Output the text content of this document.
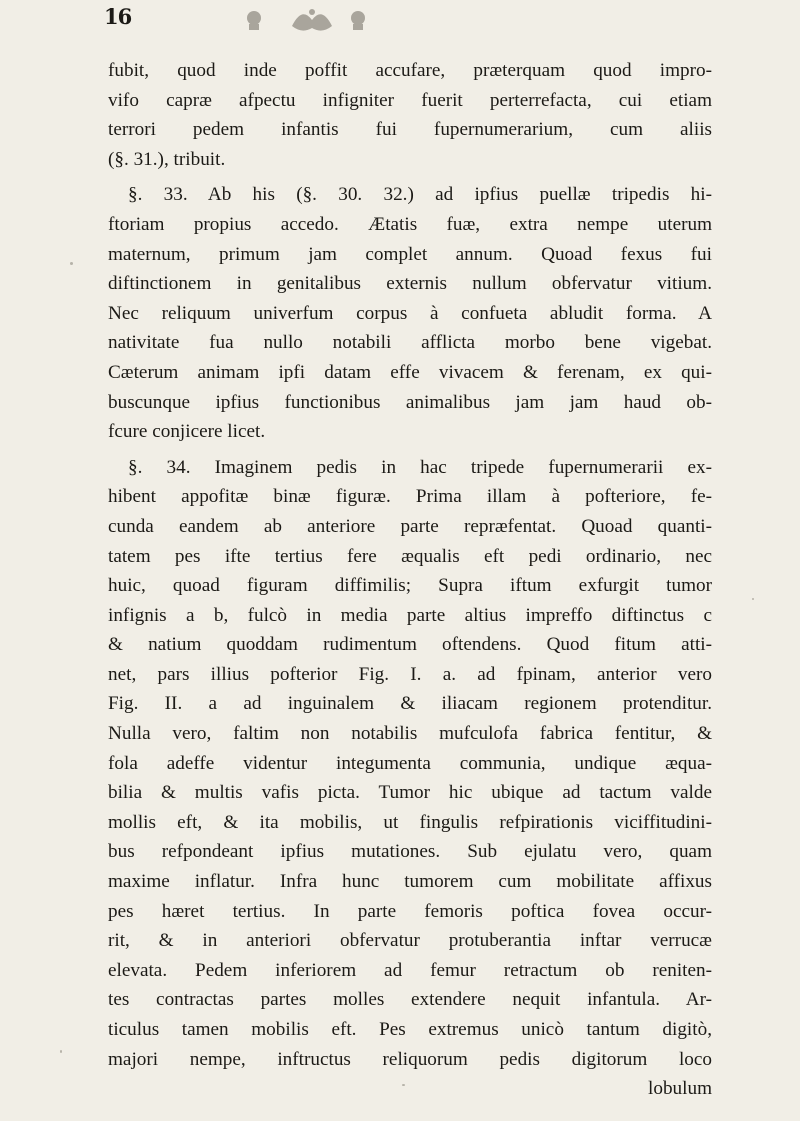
16
fubit, quod inde poffit accufare, prӕterquam quod impro-
vifo capræ afpectu infigniter fuerit perterrefacta, cui etiam
terrori pedem infantis fui fupernumerarium, cum aliis
(§. 31.), tribuit.
§. 33. Ab his (§. 30. 32.) ad ipfius puellæ tripedis hi-
ftoriam propius accedo. Ætatis fuæ, extra nempe uterum
maternum, primum jam complet annum. Quoad fexus fui
diftinctionem in genitalibus externis nullum obfervatur vitium.
Nec reliquum univerfum corpus à confueta abludit forma. A
nativitate fua nullo notabili afflicta morbo bene vigebat.
Cæterum animam ipfi datam effe vivacem & ferenam, ex qui-
buscunque ipfius functionibus animalibus jam jam haud ob-
fcure conjicere licet.
§. 34. Imaginem pedis in hac tripede fupernumerarii ex-
hibent appofitæ binæ figuræ. Prima illam à pofteriore, fe-
cunda eandem ab anteriore parte repræfentat. Quoad quanti-
tatem pes ifte tertius fere æqualis eft pedi ordinario, nec
huic, quoad figuram diffimilis; Supra iftum exfurgit tumor
infignis a b, fulcò in media parte altius impreffo diftinctus c
& natium quoddam rudimentum oftendens. Quod fitum atti-
net, pars illius pofterior Fig. I. a. ad fpinam, anterior vero
Fig. II. a ad inguinalem & iliacam regionem protenditur.
Nulla vero, faltim non notabilis mufculofa fabrica fentitur, &
fola adeffe videntur integumenta communia, undique æqua-
bilia & multis vafis picta. Tumor hic ubique ad tactum valde
mollis eft, & ita mobilis, ut fingulis refpirationis viciffitudini-
bus refpondeant ipfius mutationes. Sub ejulatu vero, quam
maxime inflatur. Infra hunc tumorem cum mobilitate affixus
pes hæret tertius. In parte femoris poftica fovea occur-
rit, & in anteriori obfervatur protuberantia inftar verrucæ
elevata. Pedem inferiorem ad femur retractum ob reniten-
tes contractas partes molles extendere nequit infantula. Ar-
ticulus tamen mobilis eft. Pes extremus unicò tantum digitò,
majori nempe, inftructus reliquorum pedis digitorum loco
lobulum
